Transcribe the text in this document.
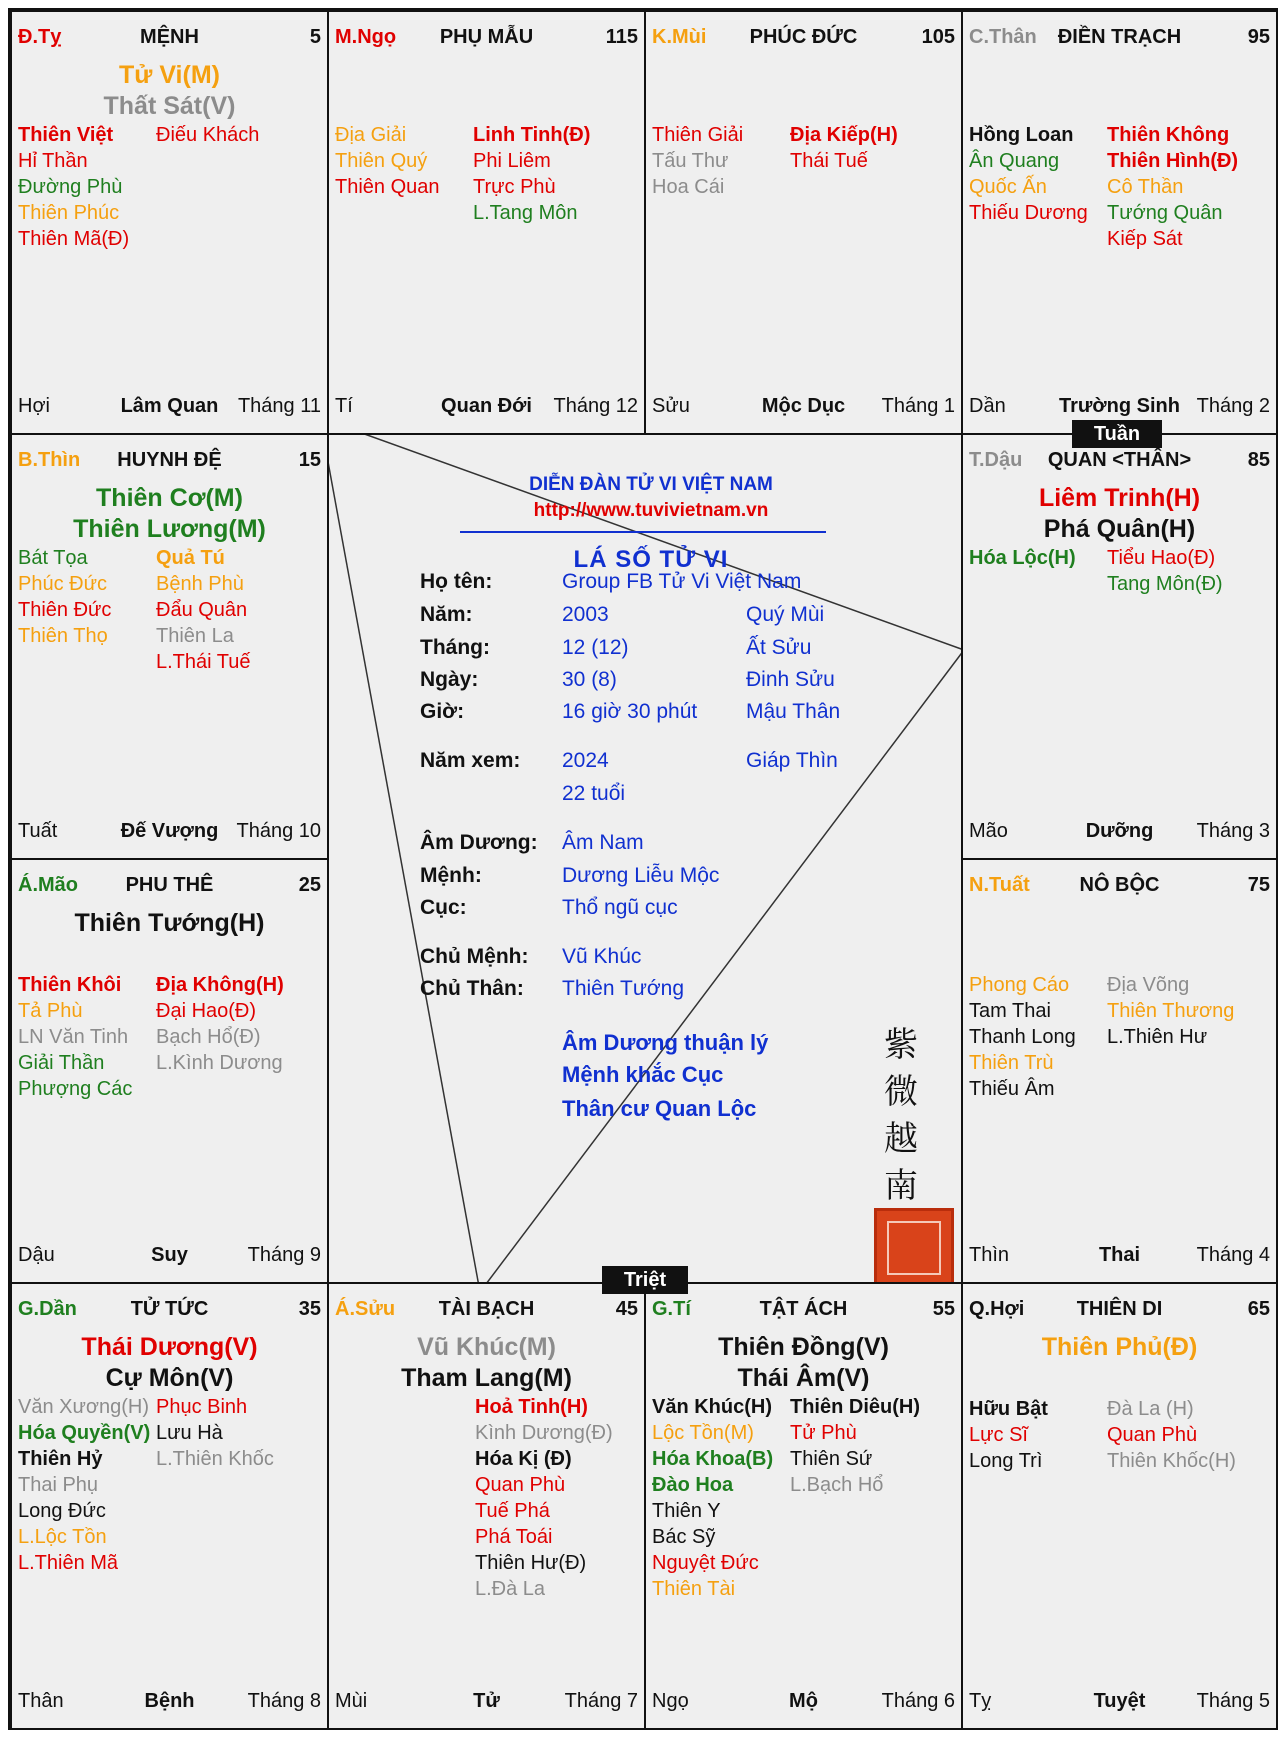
DIỄN ĐÀN TỬ VI VIỆT NAM
http://www.tuvivietnam.vn
LÁ SỐ TỬ VI
Họ tên:	Group FB Tử Vi Việt Nam
Năm:	2003	Quý Mùi
Tháng:	12 (12)	Ất Sửu
Ngày:	30 (8)	Đinh Sửu
Giờ:	16 giờ 30 phút Mậu Thân
Năm xem: 2024	Giáp Thìn
22 tuổi
Âm Dương: Âm Nam
Mệnh:	Dương Liễu Mộc
Cục:	Thổ ngũ cục
Chủ Mệnh: Vũ Khúc
Chủ Thân: Thiên Tướng
Âm Dương thuận lý
Mệnh khắc Cục
Thân cư Quan Lộc
紫
微
越
南
Đ.Tỵ	MỆNH	5
Tử Vi(M)
Thất Sát(V)
Thiên Việt
Hỉ Thần
Đường Phù
Thiên Phúc
Thiên Mã(Đ)
Điếu Khách
Hợi	Lâm Quan Tháng 11
M.Ngọ	PHỤ MẪU	115
Địa Giải
Thiên Quý
Thiên Quan
Linh Tinh(Đ)
Phi Liêm
Trực Phù
L.Tang Môn
Tí	Quan Đới	Tháng 12
K.Mùi	PHÚC ĐỨC	105
Thiên Giải
Tấu Thư
Hoa Cái
Địa Kiếp(H)
Thái Tuế
Sửu	Mộc Dục	Tháng 1
C.Thân	ĐIỀN TRẠCH	95
Hồng Loan
Ân Quang
Quốc Ấn
Thiếu Dương
Thiên Không
Thiên Hình(Đ)
Cô Thần
Tướng Quân
Kiếp Sát
Dần	Trường Sinh Tháng 2
B.Thìn	HUYNH ĐỆ	15
Thiên Cơ(M)
Thiên Lương(M)
Bát Tọa
Phúc Đức
Thiên Đức
Thiên Thọ
Quả Tú
Bệnh Phù
Đẩu Quân
Thiên La
L.Thái Tuế
Tuất	Đế Vượng Tháng 10
T.Dậu	QUAN <THÂN>	85
Liêm Trinh(H)
Phá Quân(H)
Hóa Lộc(H) Tiểu Hao(Đ)
Tang Môn(Đ)
Mão	Dưỡng	Tháng 3
Á.Mão	PHU THÊ	25
Thiên Tướng(H)
Thiên Khôi
Tả Phù
LN Văn Tinh
Giải Thần
Phượng Các
Địa Không(H)
Đại Hao(Đ)
Bạch Hổ(Đ)
L.Kình Dương
Dậu	Suy	Tháng 9
N.Tuất	NÔ BỘC	75
Phong Cáo
Tam Thai
Thanh Long
Thiên Trù
Thiếu Âm
Địa Võng
Thiên Thương
L.Thiên Hư
Thìn	Thai	Tháng 4
G.Dần	TỬ TỨC	35
Thái Dương(V)
Cự Môn(V)
Văn Xương(H)
Hóa Quyền(V)
Thiên Hỷ
Thai Phụ
Long Đức
L.Lộc Tồn
L.Thiên Mã
Phục Binh
Lưu Hà
L.Thiên Khốc
Thân	Bệnh	Tháng 8
Á.Sửu	TÀI BẠCH	45
Vũ Khúc(M)
Tham Lang(M)
Hoả Tinh(H)
Kình Dương(Đ)
Hóa Kị (Đ)
Quan Phù
Tuế Phá
Phá Toái
Thiên Hư(Đ)
L.Đà La
Mùi	Tử	Tháng 7
G.Tí	TẬT ÁCH	55
Thiên Đồng(V)
Thái Âm(V)
Văn Khúc(H)
Lộc Tồn(M)
Hóa Khoa(B)
Đào Hoa
Thiên Y
Bác Sỹ
Nguyệt Đức
Thiên Tài
Thiên Diêu(H)
Tử Phù
Thiên Sứ
L.Bạch Hổ
Ngọ	Mộ	Tháng 6
Q.Hợi	THIÊN DI	65
Thiên Phủ(Đ)
Hữu Bật
Lực Sĩ
Long Trì
Đà La (H)
Quan Phù
Thiên Khốc(H)
Tỵ	Tuyệt	Tháng 5
Tuần
Triệt
